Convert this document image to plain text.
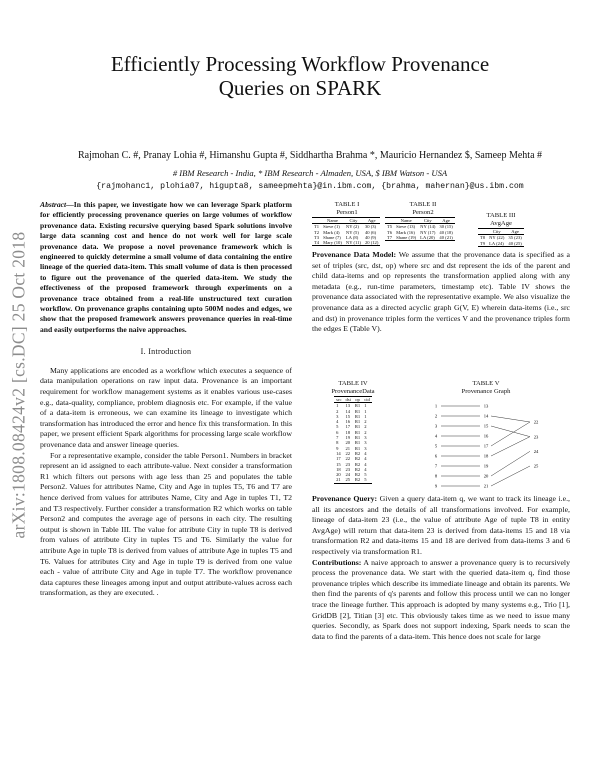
Efficiently Processing Workflow Provenance
Queries on SPARK
Rajmohan C. #, Pranay Lohia #, Himanshu Gupta #, Siddhartha Brahma *, Mauricio Hernandez $, Sameep Mehta #
# IBM Research - India, * IBM Research - Almaden, USA, $ IBM Watson - USA
{rajmohanc1, plohia07, higupta8, sameepmehta}@in.ibm.com, {brahma, mahernan}@us.ibm.com
arXiv:1808.08424v2 [cs.DC] 25 Oct 2018
Abstract—In this paper, we investigate how we can leverage Spark platform for efficiently processing provenance queries on large volumes of workflow provenance data. Existing recursive querying based Spark solutions involve large data scanning cost and hence do not work well for large scale provenance data. We propose a novel provenance framework which is engineered to quickly determine a small volume of data containing the entire lineage of the queried data-item. This small volume of data is then processed to figure out the provenance of the queried data-item. We study the effectiveness of the proposed framework through experiments on a provenance trace obtained from a real-life unstructured text curation workflow. On provenance graphs containing upto 500M nodes and edges, we show that the proposed framework answers provenance queries in real-time and easily outperforms the naive approaches.
I. Introduction

Many applications are encoded as a workflow which executes a sequence of data manipulation operations on raw input data. Provenance is an important requirement for workflow management systems as it enables various use-cases e.g., data-quality, compliance, problem diagnosis etc. For example, if the value of a data-item is erroneous, we can examine its lineage to investigate which transformation has introduced the error and hence fix this transformation. In this paper, we present efficient Spark algorithms for processing large scale workflow provenance data and answer lineage queries.

For a representative example, consider the table Person1. Numbers in bracket represent an id assigned to each attribute-value. Next consider a transformation R1 which filters out persons with age less than 25 and populates the table Person2. Values for attributes Name, City and Age in tuples T5, T6 and T7 are hence derived from values for attributes Name, City and Age in tuples T1, T2 and T3 respectively. Further consider a transformation R2 which works on table Person2 and computes the average age of persons in each city. The resulting output is shown in Table III. The value for attribute City in tuple T8 is derived from values of attribute City in tuples T5 and T6. Similarly the value for attribute Age in tuple T8 is derived from values of attribute Age in tuples T5 and T6. Values for attributes City and Age in tuple T9 is derived from one value each - value of attribute City and Age in tuple T7. The workflow provenance data captures these lineages among input and output attribute-values across each transformation, as they are executed. .

TABLE I
Person1
	Name	City	Age
T1	Steve (1)	NY (2)	30 (3)
T2	Mark (4)	NY (5)	40 (6)
T3	Shane (7)	LA (8)	40 (9)
T4	Mary (10)	NY (11)	20 (12)
TABLE II
Person2
	Name	City	Age
T5	Steve (13)	NY (14)	30 (15)
T6	Mark (16)	NY (17)	40 (18)
T7	Shane (19)	LA (20)	40 (21)
TABLE III
AvgAge
	City	Age
T8	NY (22)	35 (23)
T9	LA (24)	40 (25)

Provenance Data Model: We assume that the provenance data is specified as a set of triples (src, dst, op) where src and dst represent the ids of the parent and child data-items and op represents the transformation applied along with any metadata (e.g., run-time parameters, timestamp etc). Table IV shows the provenance data associated with the representative example. We also visualize the provenance data as a directed acyclic graph G(V, E) wherein data-items (i.e., src and dst) in provenance triples form the vertices V and the provenance triples form the edges E (Table V).

TABLE IV
ProvenanceData
src	dst	op	cid
1	13	R1	1
2	14	R1	1
3	15	R1	1
4	16	R1	2
5	17	R1	2
6	18	R1	2
7	19	R1	3
8	20	R1	3
9	21	R1	3
14	22	R2	4
17	22	R2	4
15	23	R2	4
18	23	R2	4
20	24	R2	5
21	25	R2	5
TABLE V
Provenance Graph
1
2
3
4
5
6
7
8
9
13
14
15
16
17
18
19
20
21
22
23
24
25

Provenance Query: Given a query data-item q, we want to track its lineage i.e., all its ancestors and the details of all transformations involved. For example, lineage of data-item 23 (i.e., the value of attribute Age of tuple T8 in entity AvgAge) will return that data-item 23 is derived from data-items 15 and 18 via transformation R2 and data-items 15 and 18 are derived from data-items 3 and 6 respectively via transformation R1.

Contributions: A naive approach to answer a provenance query is to recursively process the provenance data. We start with the queried data-item q, find those provenance triples which describe its immediate lineage and obtain its parents. We then find the parents of q's parents and follow this process until we can no longer trace the lineage further. This approach is adopted by many systems e.g., Trio [1], GridDB [2], Titian [3] etc. This obviously takes time as we need to issue many queries. Secondly, as Spark does not support indexing, Spark needs to scan the data to find the parents of a data-item. This hence does not scale for large
